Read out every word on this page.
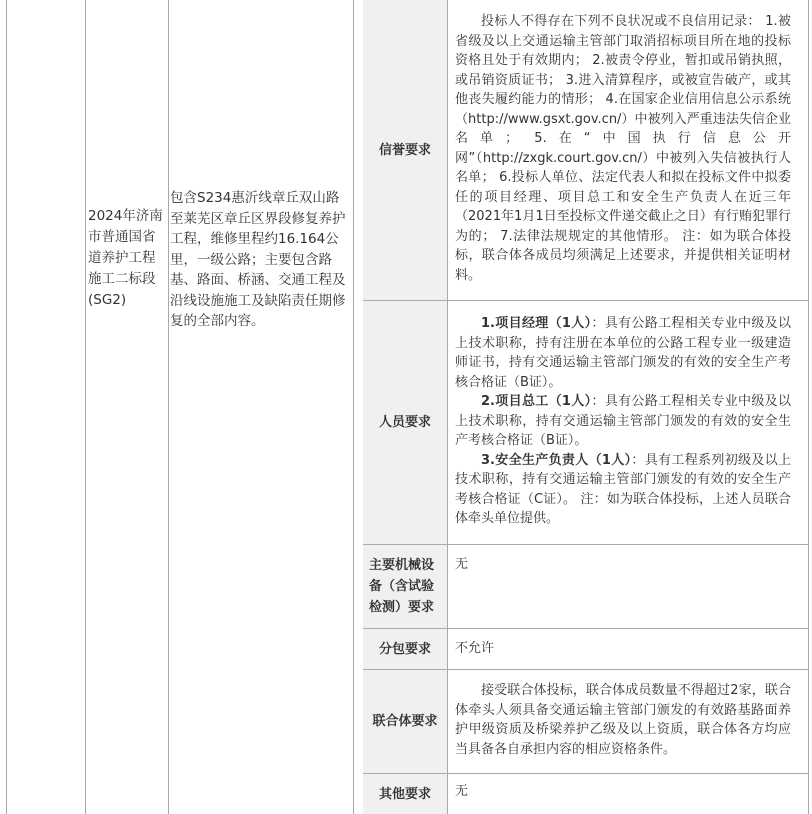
2024年济南市普通国省道养护工程施工二标段(SG2)
包含S234惠沂线章丘双山路至莱芜区章丘区界段修复养护工程，维修里程约16.164公里，一级公路；主要包含路基、路面、桥涵、交通工程及沿线设施施工及缺陷责任期修复的全部内容。
信誉要求

投标人不得存在下列不良状况或不良信用记录： 1.被省级及以上交通运输主管部门取消招标项目所在地的投标资格且处于有效期内； 2.被责令停业，暂扣或吊销执照，或吊销资质证书； 3.进入清算程序，或被宣告破产，或其他丧失履约能力的情形； 4.在国家企业信用信息公示系统（http://www.gsxt.gov.cn/）中被列入严重违法失信企业名单； 5.在“中国执行信息公开网”（http://zxgk.court.gov.cn/）中被列入失信被执行人名单； 6.投标人单位、法定代表人和拟在投标文件中拟委任的项目经理、项目总工和安全生产负责人在近三年（2021年1月1日至投标文件递交截止之日）有行贿犯罪行为的； 7.法律法规规定的其他情形。 注：如为联合体投标，联合体各成员均须满足上述要求，并提供相关证明材料。

人员要求

1.项目经理（1人）：具有公路工程相关专业中级及以上技术职称，持有注册在本单位的公路工程专业一级建造师证书，持有交通运输主管部门颁发的有效的安全生产考核合格证（B证）。

2.项目总工（1人）：具有公路工程相关专业中级及以上技术职称，持有交通运输主管部门颁发的有效的安全生产考核合格证（B证）。

3.安全生产负责人（1人）：具有工程系列初级及以上技术职称，持有交通运输主管部门颁发的有效的安全生产考核合格证（C证）。 注：如为联合体投标，上述人员联合体牵头单位提供。

主要机械设备（含试验检测）要求
无
分包要求	不允许
联合体要求

接受联合体投标，联合体成员数量不得超过2家，联合体牵头人须具备交通运输主管部门颁发的有效路基路面养护甲级资质及桥梁养护乙级及以上资质，联合体各方均应当具备各自承担内容的相应资格条件。

其他要求	无
